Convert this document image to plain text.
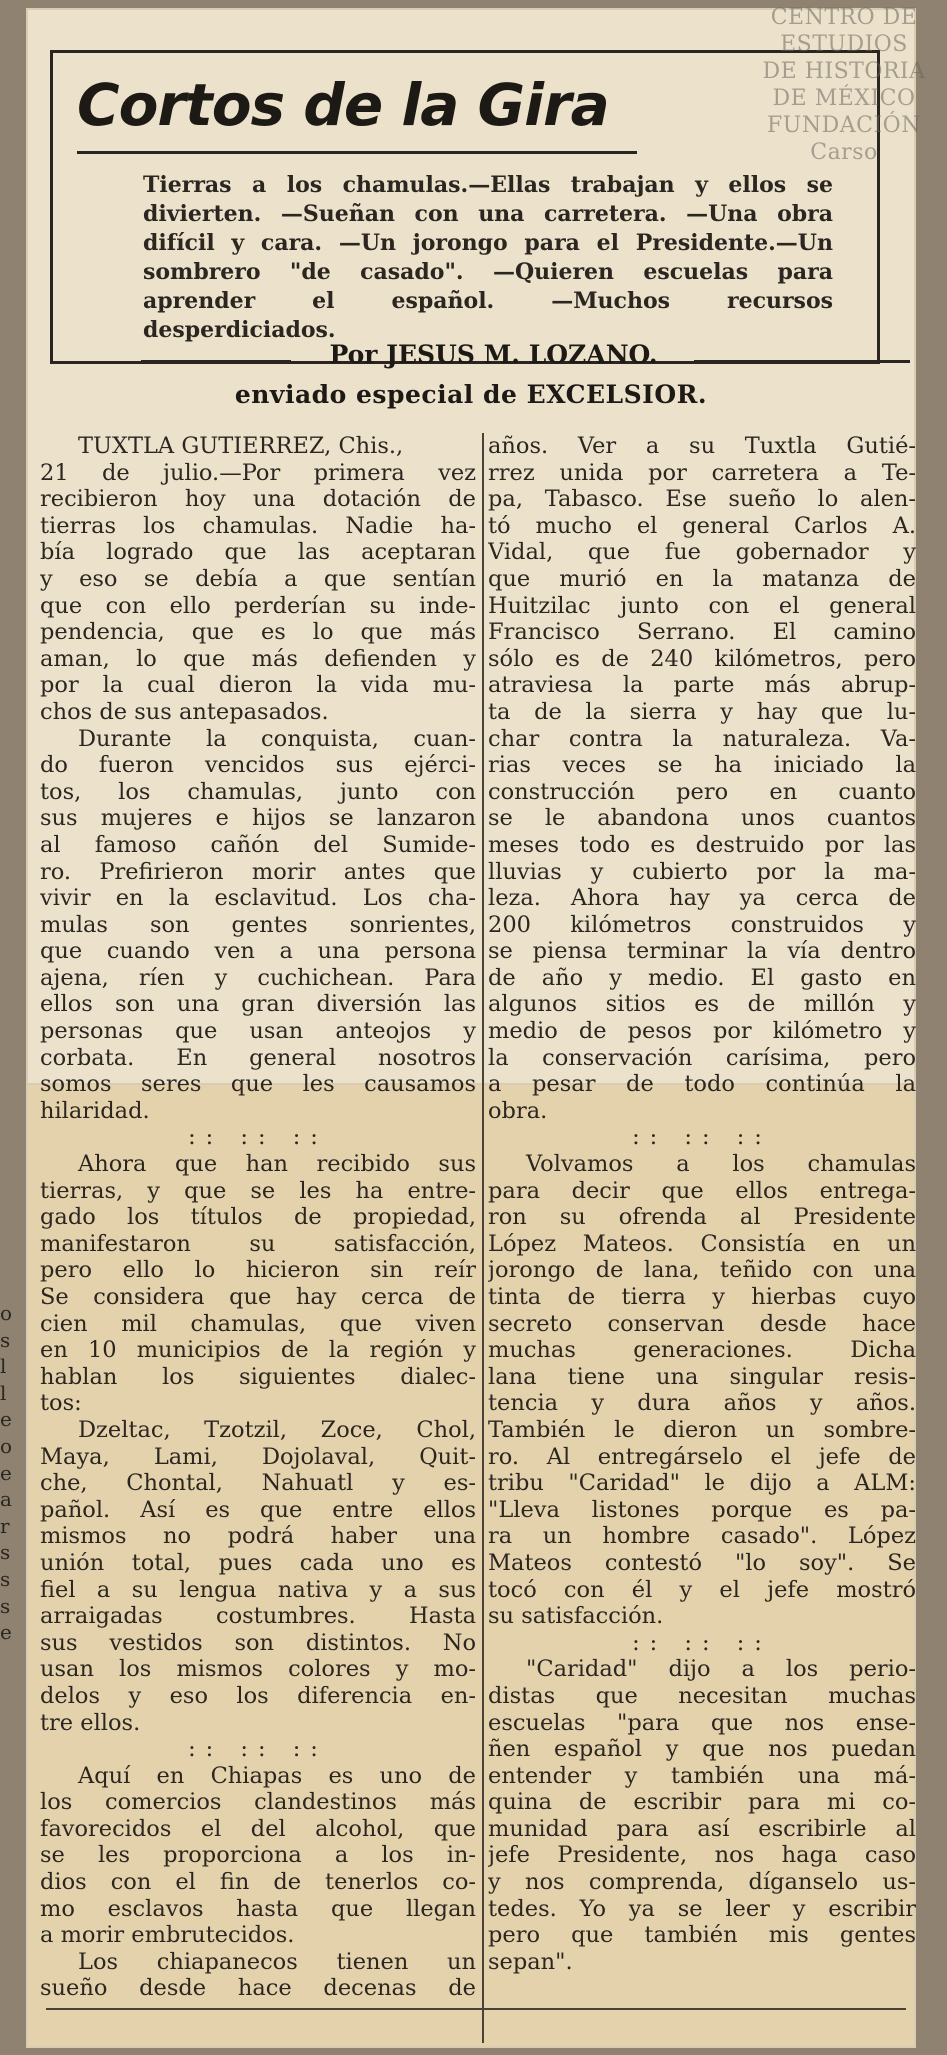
Cortos de la Gira
Tierras a los chamulas.—Ellas trabajan y ellos se divierten. —Sueñan con una carretera. —Una obra difícil y cara. —Un jorongo para el Presidente.—Un sombrero "de casado". —Quieren escuelas para aprender el español. —Muchos recursos desperdiciados.
Por JESUS M. LOZANO.
enviado especial de EXCELSIOR.
TUXTLA GUTIERREZ, Chis.,
21 de julio.—Por primera vez
recibieron hoy una dotación de
tierras los chamulas. Nadie ha-
bía logrado que las aceptaran
y eso se debía a que sentían
que con ello perderían su inde-
pendencia, que es lo que más
aman, lo que más defienden y
por la cual dieron la vida mu-
chos de sus antepasados.
Durante la conquista, cuan-
do fueron vencidos sus ejérci-
tos, los chamulas, junto con
sus mujeres e hijos se lanzaron
al famoso cañón del Sumide-
ro. Prefirieron morir antes que
vivir en la esclavitud. Los cha-
mulas son gentes sonrientes,
que cuando ven a una persona
ajena, ríen y cuchichean. Para
ellos son una gran diversión las
personas que usan anteojos y
corbata. En general nosotros
somos seres que les causamos
hilaridad.
:: :: ::
Ahora que han recibido sus
tierras, y que se les ha entre-
gado los títulos de propiedad,
manifestaron su satisfacción,
pero ello lo hicieron sin reír
Se considera que hay cerca de
cien mil chamulas, que viven
en 10 municipios de la región y
hablan los siguientes dialec-
tos:
Dzeltac, Tzotzil, Zoce, Chol,
Maya, Lami, Dojolaval, Quit-
che, Chontal, Nahuatl y es-
pañol. Así es que entre ellos
mismos no podrá haber una
unión total, pues cada uno es
fiel a su lengua nativa y a sus
arraigadas costumbres. Hasta
sus vestidos son distintos. No
usan los mismos colores y mo-
delos y eso los diferencia en-
tre ellos.
:: :: ::
Aquí en Chiapas es uno de
los comercios clandestinos más
favorecidos el del alcohol, que
se les proporciona a los in-
dios con el fin de tenerlos co-
mo esclavos hasta que llegan
a morir embrutecidos.
Los chiapanecos tienen un
sueño desde hace decenas de
años. Ver a su Tuxtla Gutié-
rrez unida por carretera a Te-
pa, Tabasco. Ese sueño lo alen-
tó mucho el general Carlos A.
Vidal, que fue gobernador y
que murió en la matanza de
Huitzilac junto con el general
Francisco Serrano. El camino
sólo es de 240 kilómetros, pero
atraviesa la parte más abrup-
ta de la sierra y hay que lu-
char contra la naturaleza. Va-
rias veces se ha iniciado la
construcción pero en cuanto
se le abandona unos cuantos
meses todo es destruido por las
lluvias y cubierto por la ma-
leza. Ahora hay ya cerca de
200 kilómetros construidos y
se piensa terminar la vía dentro
de año y medio. El gasto en
algunos sitios es de millón y
medio de pesos por kilómetro y
la conservación carísima, pero
a pesar de todo continúa la
obra.
:: :: ::
Volvamos a los chamulas
para decir que ellos entrega-
ron su ofrenda al Presidente
López Mateos. Consistía en un
jorongo de lana, teñido con una
tinta de tierra y hierbas cuyo
secreto conservan desde hace
muchas generaciones. Dicha
lana tiene una singular resis-
tencia y dura años y años.
También le dieron un sombre-
ro. Al entregárselo el jefe de
tribu "Caridad" le dijo a ALM:
"Lleva listones porque es pa-
ra un hombre casado". López
Mateos contestó "lo soy". Se
tocó con él y el jefe mostró
su satisfacción.
:: :: ::
"Caridad" dijo a los perio-
distas que necesitan muchas
escuelas "para que nos ense-
ñen español y que nos puedan
entender y también una má-
quina de escribir para mi co-
munidad para así escribirle al
jefe Presidente, nos haga caso
y nos comprenda, díganselo us-
tedes. Yo ya se leer y escribir
pero que también mis gentes
sepan".
o
s
l
l
e
o
e
a
r
s
s
s
e
CENTRO DE
ESTUDIOS
DE HISTORIA
DE MÉXICO
FUNDACIÓN
Carso
